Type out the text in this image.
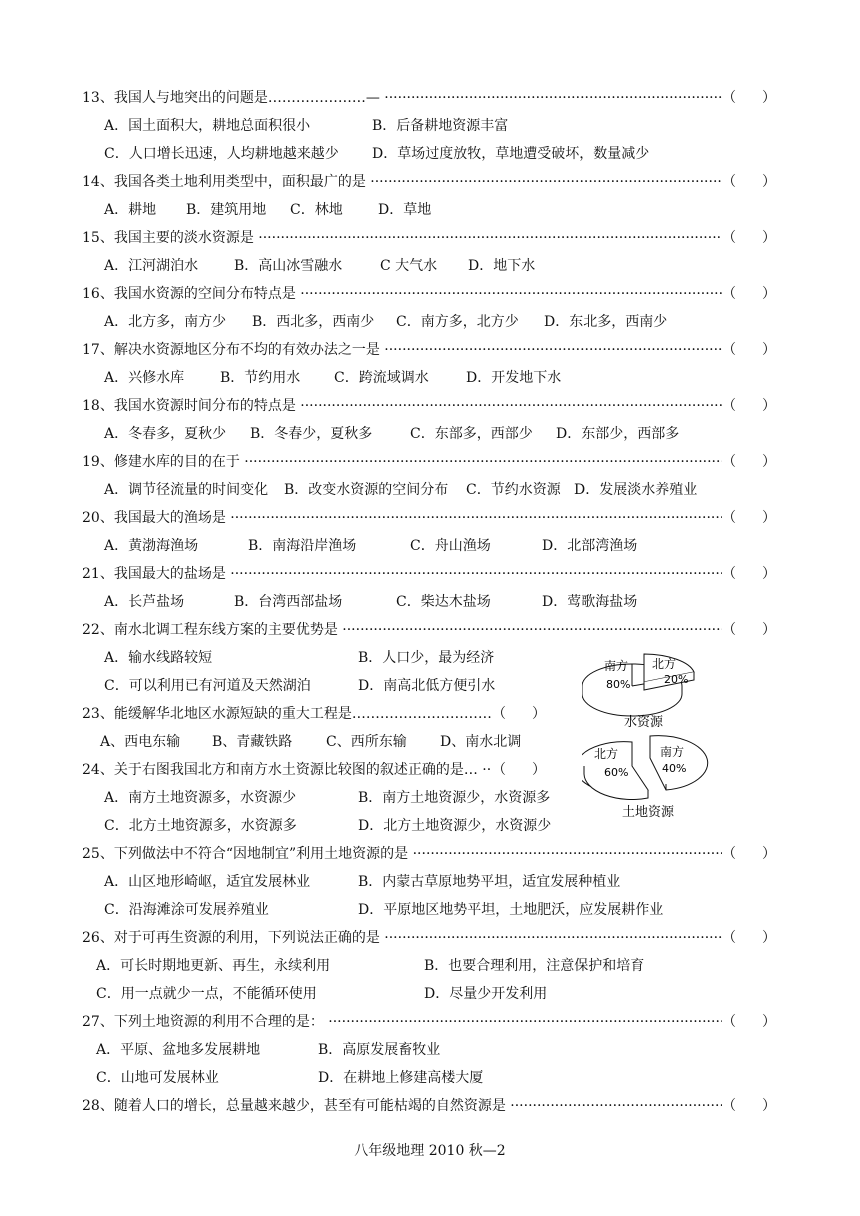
13、我国人与地突出的问题是…………………— ·····	（ ）
A．国土面积大，耕地总面积很小	B．后备耕地资源丰富
C．人口增长迅速，人均耕地越来越少 D．草场过度放牧，草地遭受破坏，数量减少
14、我国各类土地利用类型中，面积最广的是 ·····	（ ）
A．耕地 B．建筑用地 C．林地	D．草地
15、我国主要的淡水资源是 ·····	（ ）
A．江河湖泊水	B．高山冰雪融水	C 大气水 D．地下水
16、我国水资源的空间分布特点是 ·····	（ ）
A．北方多，南方少 B．西北多，西南少 C．南方多，北方少 D．东北多，西南少
17、解决水资源地区分布不均的有效办法之一是 ·····	（ ）
A．兴修水库	B．节约用水 C．跨流域调水	D．开发地下水
18、我国水资源时间分布的特点是 ·····	（ ）
A．冬春多，夏秋少 B．冬春少，夏秋多	C．东部多，西部少 D．东部少，西部多
19、修建水库的目的在于 ·····	（ ）
A．调节径流量的时间变化 B．改变水资源的空间分布 C．节约水资源 D．发展淡水养殖业
20、我国最大的渔场是 ·····	（ ）
A．黄渤海渔场	B．南海沿岸渔场	C．舟山渔场	D．北部湾渔场
21、我国最大的盐场是 ·····	（ ）
A．长芦盐场	B．台湾西部盐场	C．柴达木盐场	D．莺歌海盐场
22、南水北调工程东线方案的主要优势是 ·····	（ ）
A．输水线路较短	B．人口少，最为经济
C．可以利用已有河道及天然湖泊	D．南高北低方便引水
23、能缓解华北地区水源短缺的重大工程是………………………… ····· （ ）
A、西电东输 B、青藏铁路 C、西所东输 D、南水北调
24、关于右图我国北方和南方水土资源比较图的叙述正确的是… ·····	（ ）
A．南方土地资源多，水资源少	B．南方土地资源少，水资源多
C．北方土地资源多，水资源多	D．北方土地资源少，水资源少
25、下列做法中不符合“因地制宜”利用土地资源的是 ·····	（ ）
A．山区地形崎岖，适宜发展林业	B．内蒙古草原地势平坦，适宜发展种植业
C．沿海滩涂可发展养殖业	D．平原地区地势平坦，土地肥沃，应发展耕作业
26、对于可再生资源的利用，下列说法正确的是 ·····	（ ）
A．可长时期地更新、再生，永续利用	B．也要合理利用，注意保护和培育
C．用一点就少一点，不能循环使用	D．尽量少开发利用
27、下列土地资源的利用不合理的是： ·····	（ ）
A．平原、盆地多发展耕地	B．高原发展畜牧业
C．山地可发展林业	D．在耕地上修建高楼大厦
28、随着人口的增长，总量越来越少，甚至有可能枯竭的自然资源是 ·····	（ ）
南方
80%
北方
20%
水资源
北方
60%
南方
40%
土地资源
八年级地理 2010 秋—2
